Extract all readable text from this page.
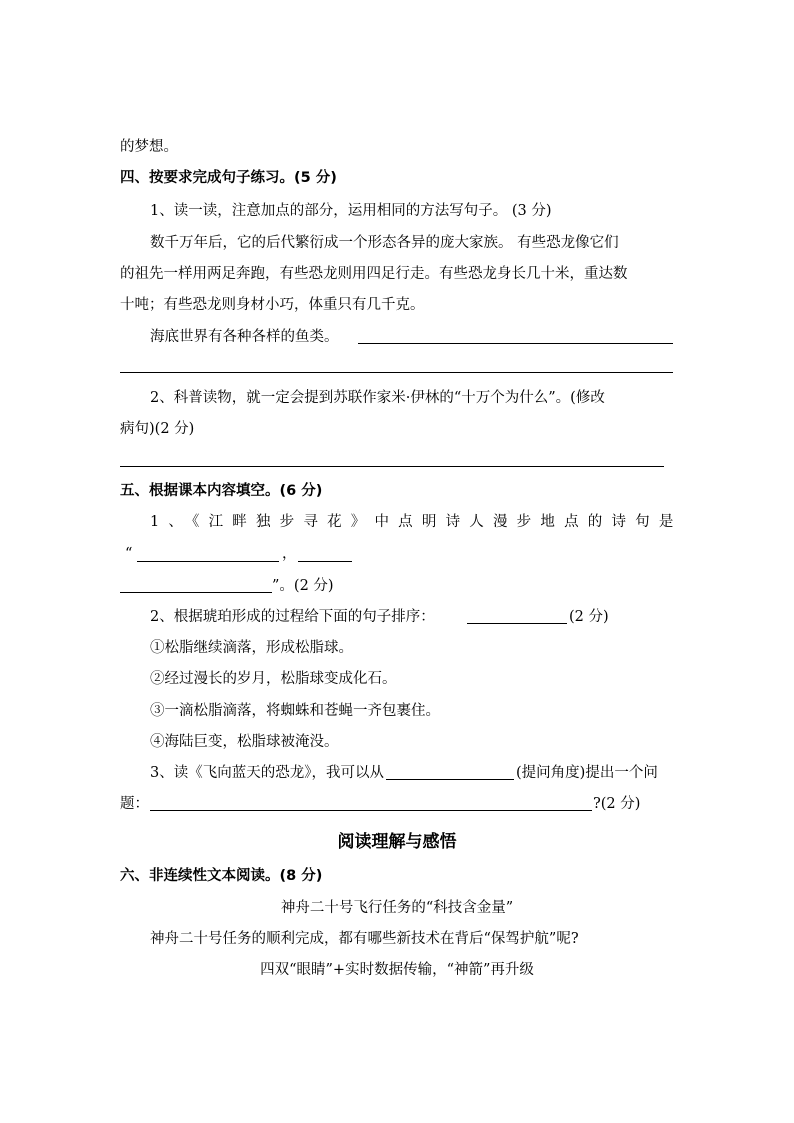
的梦想。
四、按要求完成句子练习。(5 分)
1、读一读，注意加点的部分，运用相同的方法写句子。 (3 分)
数千万年后，它的后代繁衍成一个形态各异的庞大家族。 有些恐龙像它们
的祖先一样用两足奔跑，有些恐龙则用四足行走。有些恐龙身长几十米，重达数
十吨；有些恐龙则身材小巧，体重只有几千克。
海底世界有各种各样的鱼类。
2、科普读物，就一定会提到苏联作家米·伊林的“十万个为什么”。(修改
病句)(2 分)
五、根据课本内容填空。(6 分)
1、《江畔独步寻花》中点明诗人漫步地点的诗句是
“	，
”。(2 分)
2、根据琥珀形成的过程给下面的句子排序：	(2 分)
①松脂继续滴落，形成松脂球。
②经过漫长的岁月，松脂球变成化石。
③一滴松脂滴落，将蜘蛛和苍蝇一齐包裹住。
④海陆巨变，松脂球被淹没。
3、读《飞向蓝天的恐龙》，我可以从	(提问角度)提出一个问
题：	?(2 分)
阅读理解与感悟
六、非连续性文本阅读。(8 分)
神舟二十号飞行任务的“科技含金量”
神舟二十号任务的顺利完成，都有哪些新技术在背后“保驾护航”呢?
四双“眼睛”+实时数据传输，“神箭”再升级
